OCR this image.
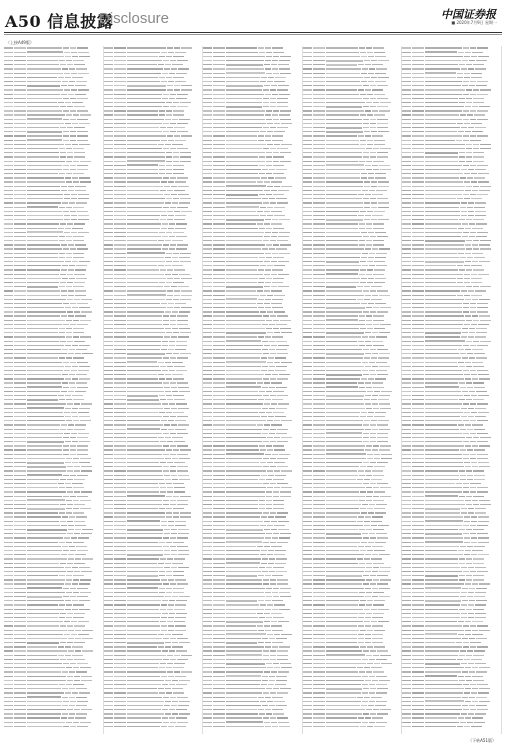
A50 信息披露
Disclosure	中国证券报
■ 2020年7月9日 星期一
（上接A49版）
（下转A51版）
